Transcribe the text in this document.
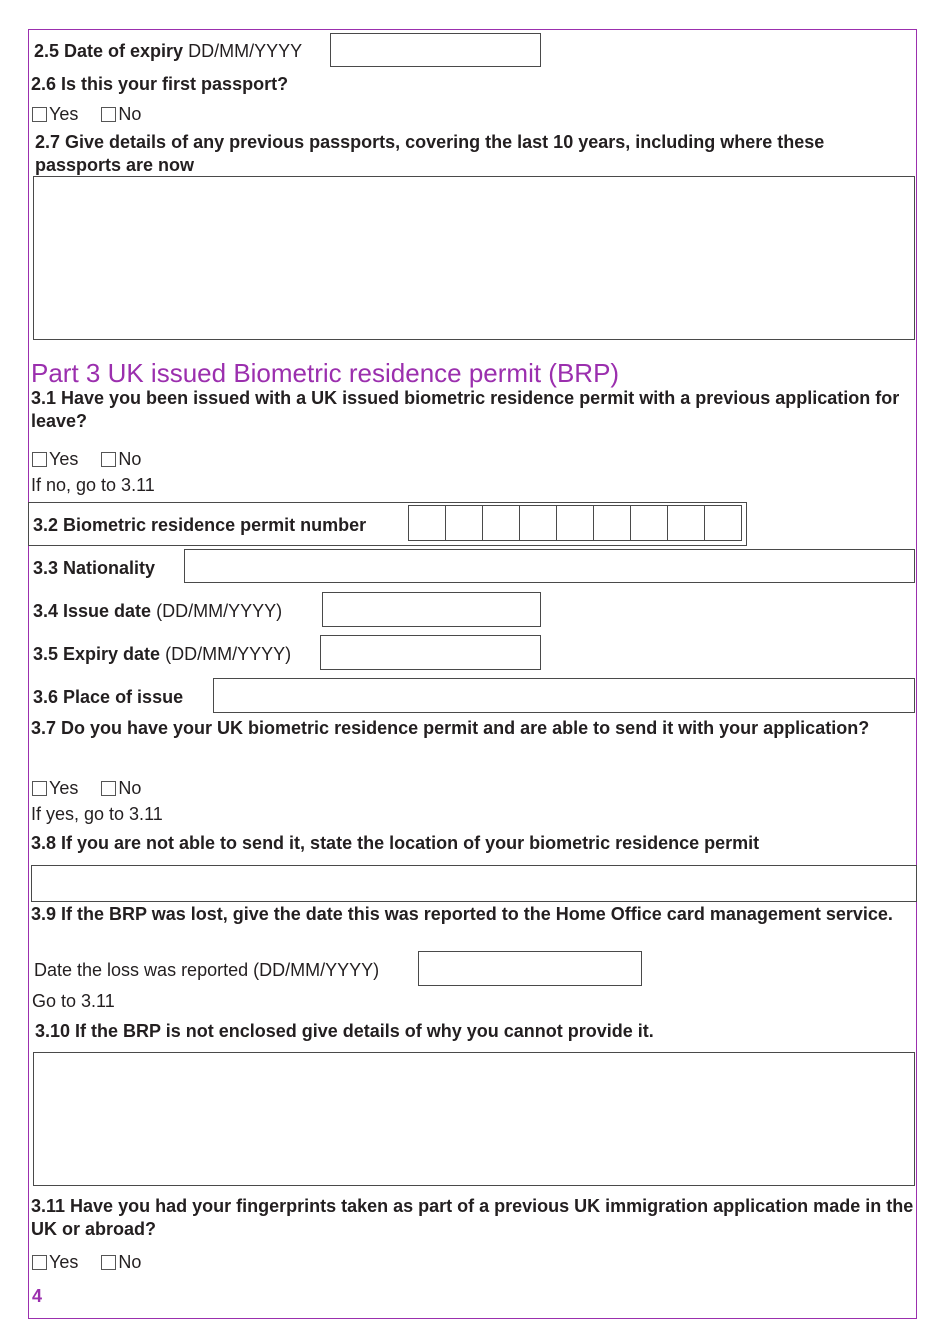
2.5 Date of expiry DD/MM/YYYY
2.6 Is this your first passport?
Yes No
2.7 Give details of any previous passports, covering the last 10 years, including where these passports are now
Part 3 UK issued Biometric residence permit (BRP)
3.1 Have you been issued with a UK issued biometric residence permit with a previous application for leave?
Yes No
If no, go to 3.11
3.2 Biometric residence permit number
3.3 Nationality
3.4 Issue date (DD/MM/YYYY)
3.5 Expiry date (DD/MM/YYYY)
3.6 Place of issue
3.7 Do you have your UK biometric residence permit and are able to send it with your application?
Yes No
If yes, go to 3.11
3.8 If you are not able to send it, state the location of your biometric residence permit
3.9 If the BRP was lost, give the date this was reported to the Home Office card management service.
Date the loss was reported (DD/MM/YYYY)
Go to 3.11
3.10 If the BRP is not enclosed give details of why you cannot provide it.
3.11 Have you had your fingerprints taken as part of a previous UK immigration application made in the UK or abroad?
Yes No
4
